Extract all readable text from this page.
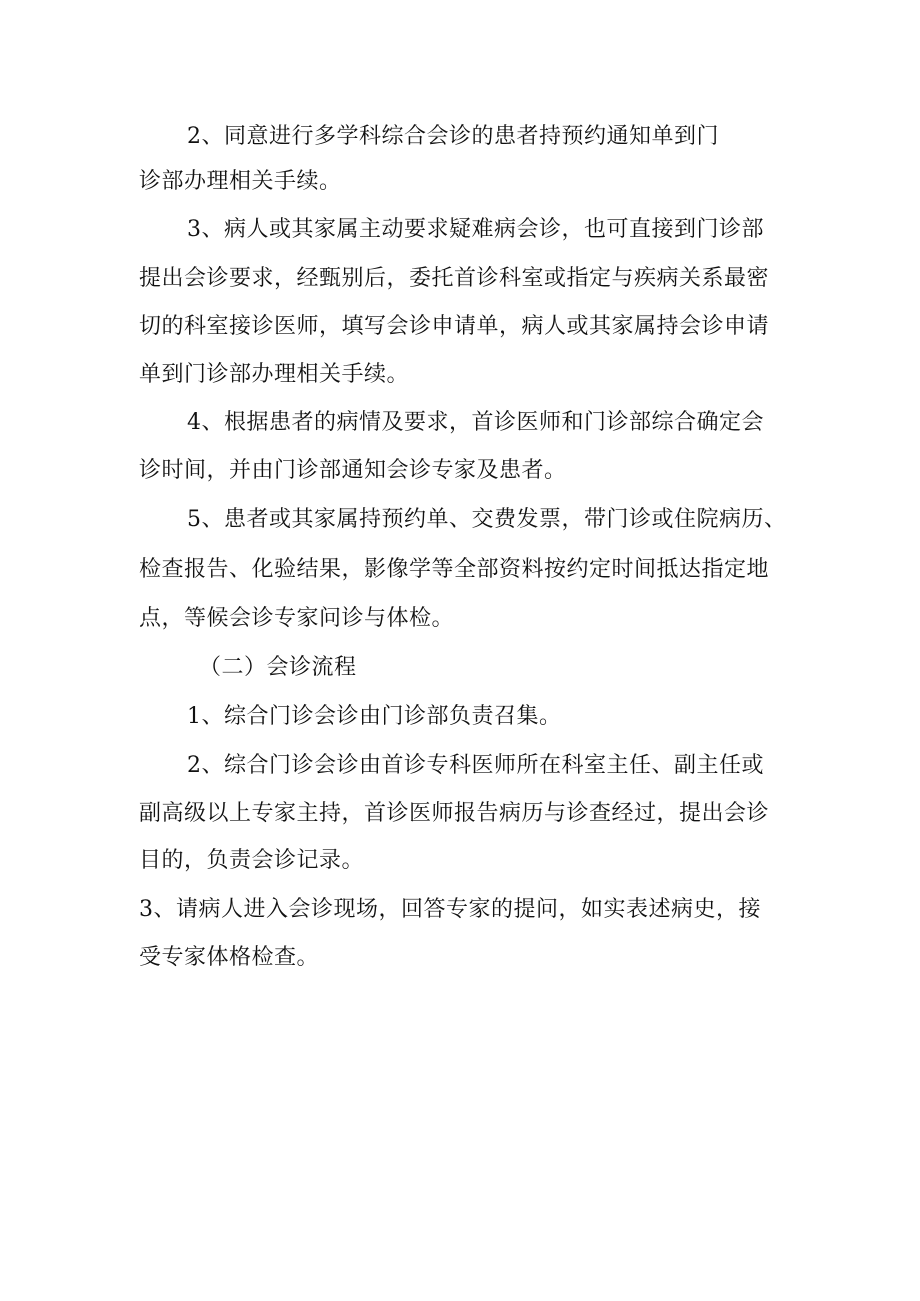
2、同意进行多学科综合会诊的患者持预约通知单到门
诊部办理相关手续。
3、病人或其家属主动要求疑难病会诊，也可直接到门诊部
提出会诊要求，经甄别后，委托首诊科室或指定与疾病关系最密
切的科室接诊医师，填写会诊申请单，病人或其家属持会诊申请
单到门诊部办理相关手续。
4、根据患者的病情及要求，首诊医师和门诊部综合确定会
诊时间，并由门诊部通知会诊专家及患者。
5、患者或其家属持预约单、交费发票，带门诊或住院病历、
检查报告、化验结果，影像学等全部资料按约定时间抵达指定地
点，等候会诊专家问诊与体检。
（二）会诊流程
1、综合门诊会诊由门诊部负责召集。
2、综合门诊会诊由首诊专科医师所在科室主任、副主任或
副高级以上专家主持，首诊医师报告病历与诊查经过，提出会诊
目的，负责会诊记录。
3、请病人进入会诊现场，回答专家的提问，如实表述病史，接
受专家体格检查。
